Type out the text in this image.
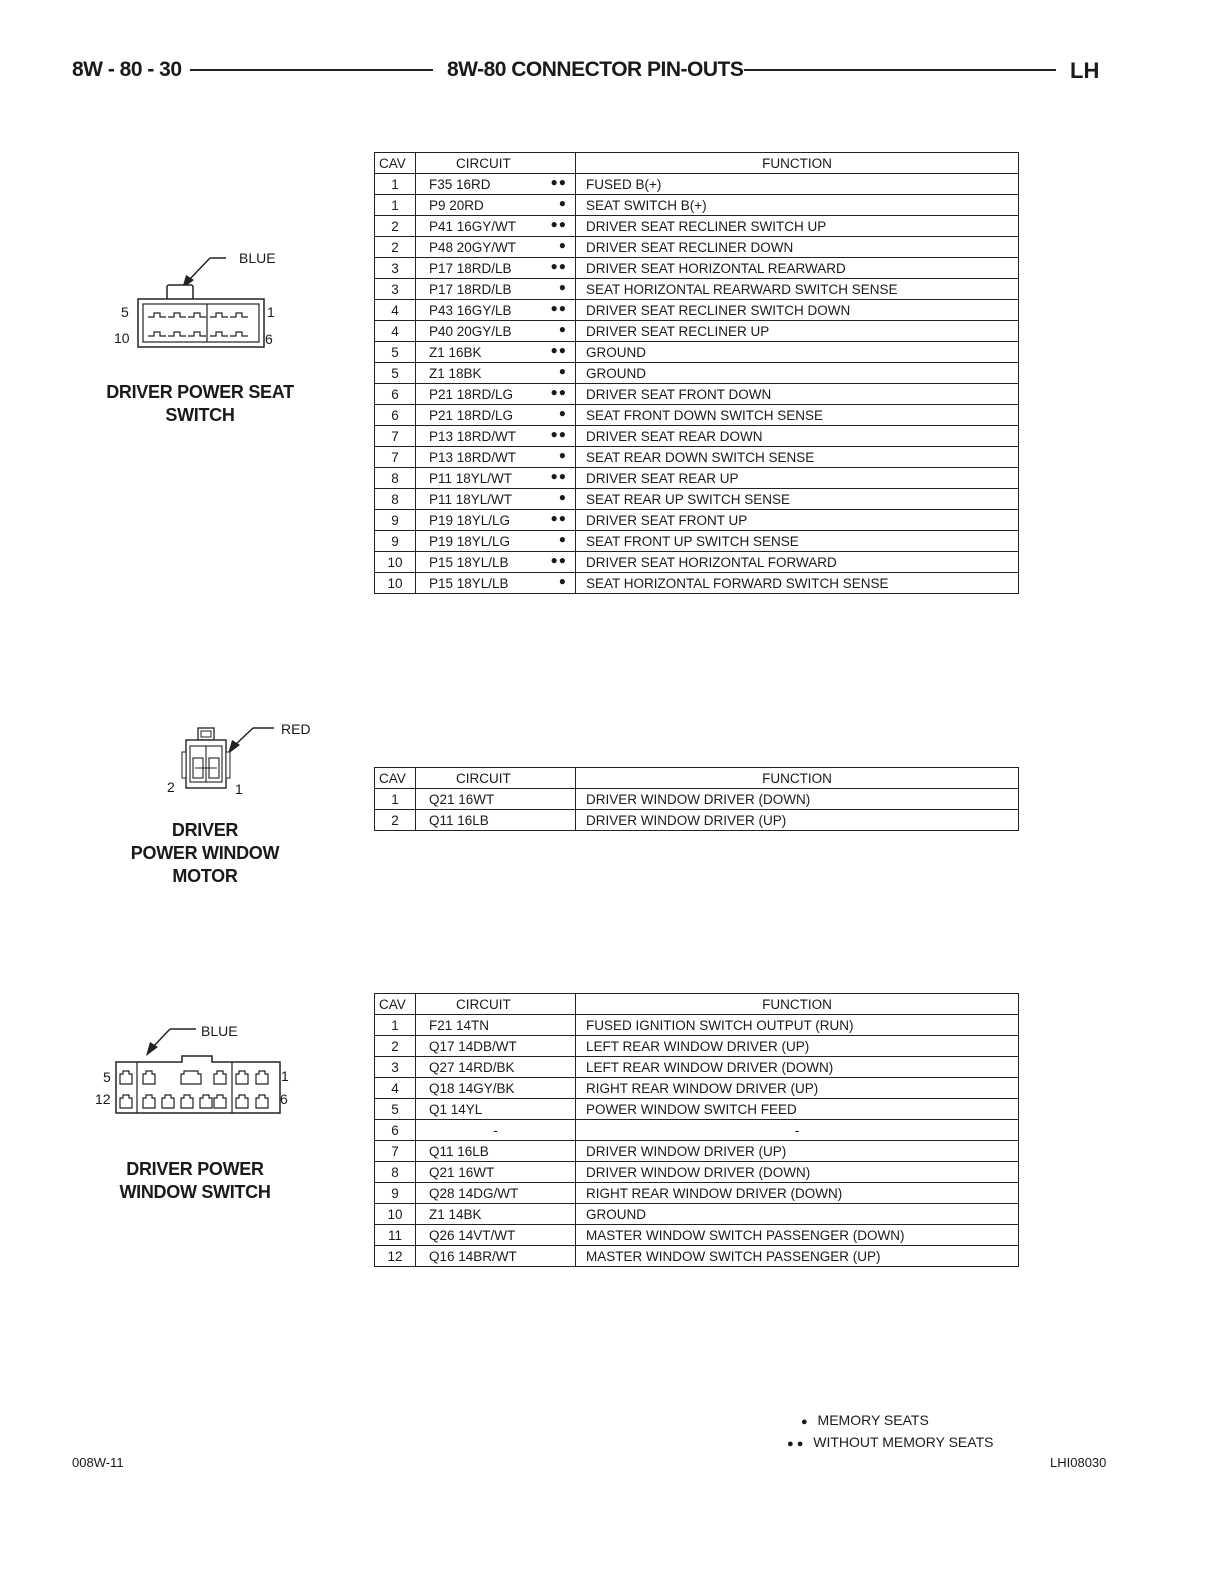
8W - 80 - 30	8W-80 CONNECTOR PIN-OUTS	LH
BLUE
5
10
1
6
DRIVER POWER SEAT
SWITCH
CAV	CIRCUIT	FUNCTION
1	F35 16RD ●●	FUSED B(+)
1	P9 20RD ●	SEAT SWITCH B(+)
2	P41 16GY/WT ●●	DRIVER SEAT RECLINER SWITCH UP
2	P48 20GY/WT ●	DRIVER SEAT RECLINER DOWN
3	P17 18RD/LB ●●	DRIVER SEAT HORIZONTAL REARWARD
3	P17 18RD/LB ●	SEAT HORIZONTAL REARWARD SWITCH SENSE
4	P43 16GY/LB ●●	DRIVER SEAT RECLINER SWITCH DOWN
4	P40 20GY/LB ●	DRIVER SEAT RECLINER UP
5	Z1 16BK ●●	GROUND
5	Z1 18BK ●	GROUND
6	P21 18RD/LG ●●	DRIVER SEAT FRONT DOWN
6	P21 18RD/LG ●	SEAT FRONT DOWN SWITCH SENSE
7	P13 18RD/WT ●●	DRIVER SEAT REAR DOWN
7	P13 18RD/WT ●	SEAT REAR DOWN SWITCH SENSE
8	P11 18YL/WT ●●	DRIVER SEAT REAR UP
8	P11 18YL/WT ●	SEAT REAR UP SWITCH SENSE
9	P19 18YL/LG ●●	DRIVER SEAT FRONT UP
9	P19 18YL/LG ●	SEAT FRONT UP SWITCH SENSE
10	P15 18YL/LB ●●	DRIVER SEAT HORIZONTAL FORWARD
10	P15 18YL/LB ●	SEAT HORIZONTAL FORWARD SWITCH SENSE
RED
2	1
DRIVER
POWER WINDOW
MOTOR
CAV	CIRCUIT	FUNCTION
1	Q21 16WT	DRIVER WINDOW DRIVER (DOWN)
2	Q11 16LB	DRIVER WINDOW DRIVER (UP)
BLUE
5
12
1
6
DRIVER POWER
WINDOW SWITCH
CAV	CIRCUIT	FUNCTION
1	F21 14TN	FUSED IGNITION SWITCH OUTPUT (RUN)
2	Q17 14DB/WT	LEFT REAR WINDOW DRIVER (UP)
3	Q27 14RD/BK	LEFT REAR WINDOW DRIVER (DOWN)
4	Q18 14GY/BK	RIGHT REAR WINDOW DRIVER (UP)
5	Q1 14YL	POWER WINDOW SWITCH FEED
6	-	-
7	Q11 16LB	DRIVER WINDOW DRIVER (UP)
8	Q21 16WT	DRIVER WINDOW DRIVER (DOWN)
9	Q28 14DG/WT	RIGHT REAR WINDOW DRIVER (DOWN)
10	Z1 14BK	GROUND
11	Q26 14VT/WT	MASTER WINDOW SWITCH PASSENGER (DOWN)
12	Q16 14BR/WT	MASTER WINDOW SWITCH PASSENGER (UP)
● MEMORY SEATS
● ● WITHOUT MEMORY SEATS
008W-11	LHI08030
